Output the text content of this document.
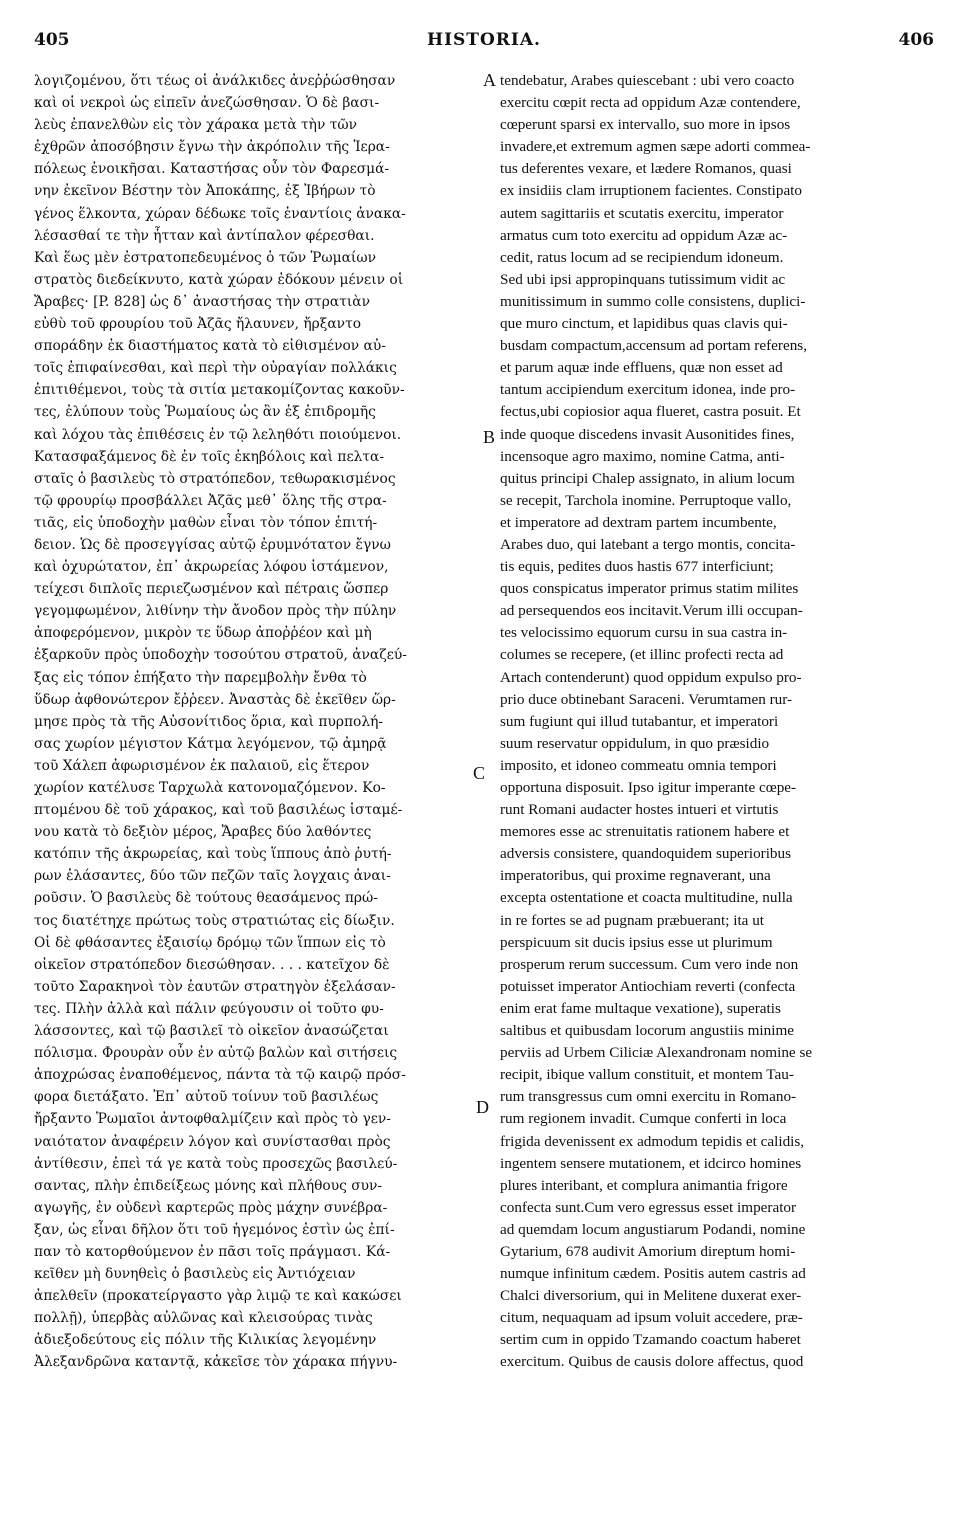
405	HISTORIA.	406
λογιζομένου, ὅτι τέως οἱ ἀνάλκιδες ἀνεῤῥώσθησαν
καὶ οἱ νεκροὶ ὡς εἰπεῖν ἀνεζώσθησαν. Ὁ δὲ βασι-
λεὺς ἐπανελθὼν εἰς τὸν χάρακα μετὰ τὴν τῶν
ἐχθρῶν ἀποσόβησιν ἔγνω τὴν ἀκρόπολιν τῆς Ἱερα-
πόλεως ἐνοικῆσαι. Καταστήσας οὖν τὸν Φαρεσμά-
νην ἐκεῖνον Βέστην τὸν Ἀποκάπης, ἐξ Ἰβήρων τὸ
γένος ἕλκοντα, χώραν δέδωκε τοῖς ἐναντίοις ἀνακα-
λέσασθαί τε τὴν ἧτταν καὶ ἀντίπαλον φέρεσθαι.
Καὶ ἕως μὲν ἐστρατοπεδευμένος ὁ τῶν Ῥωμαίων
στρατὸς διεδείκνυτο, κατὰ χώραν ἐδόκουν μένειν οἱ
Ἄραβες· [P. 828] ὡς δ᾽ ἀναστήσας τὴν στρατιὰν
εὐθὺ τοῦ φρουρίου τοῦ Ἀζᾶς ἤλαυνεν, ἤρξαντο
σποράδην ἐκ διαστήματος κατὰ τὸ εἰθισμένον αὐ-
τοῖς ἐπιφαίνεσθαι, καὶ περὶ τὴν οὐραγίαν πολλάκις
ἐπιτιθέμενοι, τοὺς τὰ σιτία μετακομίζοντας κακοῦν-
τες, ἐλύπουν τοὺς Ῥωμαίους ὡς ἂν ἐξ ἐπιδρομῆς
καὶ λόχου τὰς ἐπιθέσεις ἐν τῷ λεληθότι ποιούμενοι.
Κατασφαξάμενος δὲ ἐν τοῖς ἐκηβόλοις καὶ πελτα-
σταῖς ὁ βασιλεὺς τὸ στρατόπεδον, τεθωρακισμένος
τῷ φρουρίῳ προσβάλλει Ἀζᾶς μεθ᾽ ὅλης τῆς στρα-
τιᾶς, εἰς ὑποδοχὴν μαθὼν εἶναι τὸν τόπον ἐπιτή-
δειον. Ὡς δὲ προσεγγίσας αὐτῷ ἐρυμνότατον ἔγνω
καὶ ὀχυρώτατον, ἐπ᾽ ἀκρωρείας λόφου ἱστάμενον,
τείχεσι διπλοῖς περιεζωσμένον καὶ πέτραις ὥσπερ
γεγομφωμένον, λιθίνην τὴν ἄνοδον πρὸς τὴν πύλην
ἀποφερόμενον, μικρὸν τε ὕδωρ ἀποῤῥέον καὶ μὴ
ἐξαρκοῦν πρὸς ὑποδοχὴν τοσούτου στρατοῦ, ἀναζεύ-
ξας εἰς τόπον ἐπήξατο τὴν παρεμβολὴν ἔνθα τὸ
ὕδωρ ἀφθονώτερον ἔῤῥεεν. Ἀναστὰς δὲ ἐκεῖθεν ὥρ-
μησε πρὸς τὰ τῆς Αὐσονίτιδος ὅρια, καὶ πυρπολή-
σας χωρίον μέγιστον Κάτμα λεγόμενον, τῷ ἀμηρᾷ
τοῦ Χάλεπ ἀφωρισμένον ἐκ παλαιοῦ, εἰς ἕτερον
χωρίον κατέλυσε Ταρχωλὰ κατονομαζόμενον. Κο-
πτομένου δὲ τοῦ χάρακος, καὶ τοῦ βασιλέως ἱσταμέ-
νου κατὰ τὸ δεξιὸν μέρος, Ἄραβες δύο λαθόντες
κατόπιν τῆς ἀκρωρείας, καὶ τοὺς ἵππους ἀπὸ ῥυτή-
ρων ἐλάσαντες, δύο τῶν πεζῶν ταῖς λογχαις ἀναι-
ροῦσιν. Ὁ βασιλεὺς δὲ τούτους θεασάμενος πρώ-
τος διατέτηχε πρώτως τοὺς στρατιώτας εἰς δίωξιν.
Οἱ δὲ φθάσαντες ἐξαισίῳ δρόμῳ τῶν ἵππων εἰς τὸ
οἰκεῖον στρατόπεδον διεσώθησαν. . . . κατεῖχον δὲ
τοῦτο Σαρακηνοὶ τὸν ἑαυτῶν στρατηγὸν ἐξελάσαν-
τες. Πλὴν ἀλλὰ καὶ πάλιν φεύγουσιν οἱ τοῦτο φυ-
λάσσοντες, καὶ τῷ βασιλεῖ τὸ οἰκεῖον ἀνασώζεται
πόλισμα. Φρουρὰν οὖν ἐν αὐτῷ βαλὼν καὶ σιτήσεις
ἀποχρώσας ἐναποθέμενος, πάντα τὰ τῷ καιρῷ πρόσ-
φορα διετάξατο. Ἐπ᾽ αὐτοῦ τοίνυν τοῦ βασιλέως
ἤρξαντο Ῥωμαῖοι ἀντοφθαλμίζειν καὶ πρὸς τὸ γεν-
ναιότατον ἀναφέρειν λόγον καὶ συνίστασθαι πρὸς
ἀντίθεσιν, ἐπεὶ τά γε κατὰ τοὺς προσεχῶς βασιλεύ-
σαντας, πλὴν ἐπιδείξεως μόνης καὶ πλήθους συν-
αγωγῆς, ἐν οὐδενὶ καρτερῶς πρὸς μάχην συνέβρα-
ξαν, ὡς εἶναι δῆλον ὅτι τοῦ ἡγεμόνος ἐστὶν ὡς ἐπί-
παν τὸ κατορθούμενον ἐν πᾶσι τοῖς πράγμασι. Κά-
κεῖθεν μὴ δυνηθεὶς ὁ βασιλεὺς εἰς Ἀντιόχειαν
ἀπελθεῖν (προκατείργαστο γὰρ λιμῷ τε καὶ κακώσει
πολλῇ), ὑπερβὰς αὐλῶνας καὶ κλεισούρας τινὰς
ἀδιεξοδεύτους εἰς πόλιν τῆς Κιλικίας λεγομένην
Ἀλεξανδρῶνα καταντᾷ, κἀκεῖσε τὸν χάρακα πήγνυ-
tendebatur, Arabes quiescebant : ubi vero coacto
exercitu cœpit recta ad oppidum Azæ contendere,
cœperunt sparsi ex intervallo, suo more in ipsos
invadere,et extremum agmen sæpe adorti commea-
tus deferentes vexare, et lædere Romanos, quasi
ex insidiis clam irruptionem facientes. Constipato
autem sagittariis et scutatis exercitu, imperator
armatus cum toto exercitu ad oppidum Azæ ac-
cedit, ratus locum ad se recipiendum idoneum.
Sed ubi ipsi appropinquans tutissimum vidit ac
munitissimum in summo colle consistens, duplici-
que muro cinctum, et lapidibus quas clavis qui-
busdam compactum,accensum ad portam referens,
et parum aquæ inde effluens, quæ non esset ad
tantum accipiendum exercitum idonea, inde pro-
fectus,ubi copiosior aqua flueret, castra posuit. Et
inde quoque discedens invasit Ausonitides fines,
incensoque agro maximo, nomine Catma, anti-
quitus principi Chalep assignato, in alium locum
se recepit, Tarchola inomine. Perruptoque vallo,
et imperatore ad dextram partem incumbente,
Arabes duo, qui latebant a tergo montis, concita-
tis equis, pedites duos hastis 677 interficiunt;
quos conspicatus imperator primus statim milites
ad persequendos eos incitavit.Verum illi occupan-
tes velocissimo equorum cursu in sua castra in-
columes se recepere, (et illinc profecti recta ad
Artach contenderunt) quod oppidum expulso pro-
prio duce obtinebant Saraceni. Verumtamen rur-
sum fugiunt qui illud tutabantur, et imperatori
suum reservatur oppidulum, in quo præsidio
imposito, et idoneo commeatu omnia tempori
opportuna disposuit. Ipso igitur imperante cœpe-
runt Romani audacter hostes intueri et virtutis
memores esse ac strenuitatis rationem habere et
adversis consistere, quandoquidem superioribus
imperatoribus, qui proxime regnaverant, una
excepta ostentatione et coacta multitudine, nulla
in re fortes se ad pugnam præbuerant; ita ut
perspicuum sit ducis ipsius esse ut plurimum
prosperum rerum successum. Cum vero inde non
potuisset imperator Antiochiam reverti (confecta
enim erat fame multaque vexatione), superatis
saltibus et quibusdam locorum angustiis minime
perviis ad Urbem Ciliciæ Alexandronam nomine se
recipit, ibique vallum constituit, et montem Tau-
rum transgressus cum omni exercitu in Romano-
rum regionem invadit. Cumque conferti in loca
frigida devenissent ex admodum tepidis et calidis,
ingentem sensere mutationem, et idcirco homines
plures interibant, et complura animantia frigore
confecta sunt.Cum vero egressus esset imperator
ad quemdam locum angustiarum Podandi, nomine
Gytarium, 678 audivit Amorium direptum homi-
numque infinitum cædem. Positis autem castris ad
Chalci diversorium, qui in Melitene duxerat exer-
citum, nequaquam ad ipsum voluit accedere, præ-
sertim cum in oppido Tzamando coactum haberet
exercitum. Quibus de causis dolore affectus, quod
A
B
C
D
